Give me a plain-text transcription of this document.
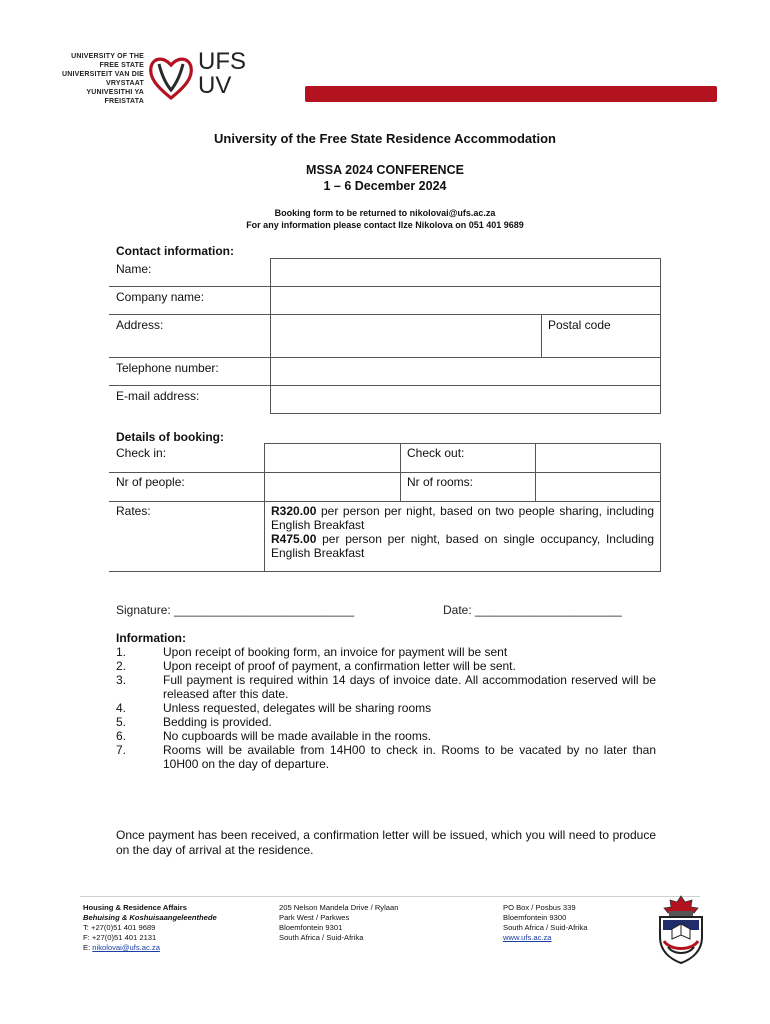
UNIVERSITY OF THE
FREE STATE
UNIVERSITEIT VAN DIE
VRYSTAAT
YUNIVESITHI YA
FREISTATA
UFS
UV
University of the Free State Residence Accommodation
MSSA 2024 CONFERENCE
1 – 6 December 2024
Booking form to be returned to nikolovai@ufs.ac.za
For any information please contact Ilze Nikolova on 051 401 9689
Contact information:
Name:	
Company name:	
Address:	Postal code

Telephone number:	
E-mail address:	
Details of booking:
Check in:		Check out:	
Nr of people:		Nr of rooms:	
Rates:	R320.00 per person per night, based on two people sharing, including English Breakfast
R475.00 per person per night, based on single occupancy, Including English Breakfast		
Signature: ___________________________	Date: ______________________
Information:
1.	Upon receipt of booking form, an invoice for payment will be sent
2.	Upon receipt of proof of payment, a confirmation letter will be sent.
3.	Full payment is required within 14 days of invoice date. All accommodation reserved will be released after this date.
4.	Unless requested, delegates will be sharing rooms
5.	Bedding is provided.
6.	No cupboards will be made available in the rooms.
7.	Rooms will be available from 14H00 to check in. Rooms to be vacated by no later than 10H00 on the day of departure.
Once payment has been received, a confirmation letter will be issued, which you will need to produce on the day of arrival at the residence.
Housing & Residence Affairs
Behuising & Koshuisaangeleenthede
T: +27(0)51 401 9689
F: +27(0)51 401 2131
E: nikolovai@ufs.ac.za
205 Nelson Mandela Drive / Rylaan
Park West / Parkwes
Bloemfontein 9301
South Africa / Suid-Afrika
PO Box / Posbus 339
Bloemfontein 9300
South Africa / Suid-Afrika
www.ufs.ac.za
